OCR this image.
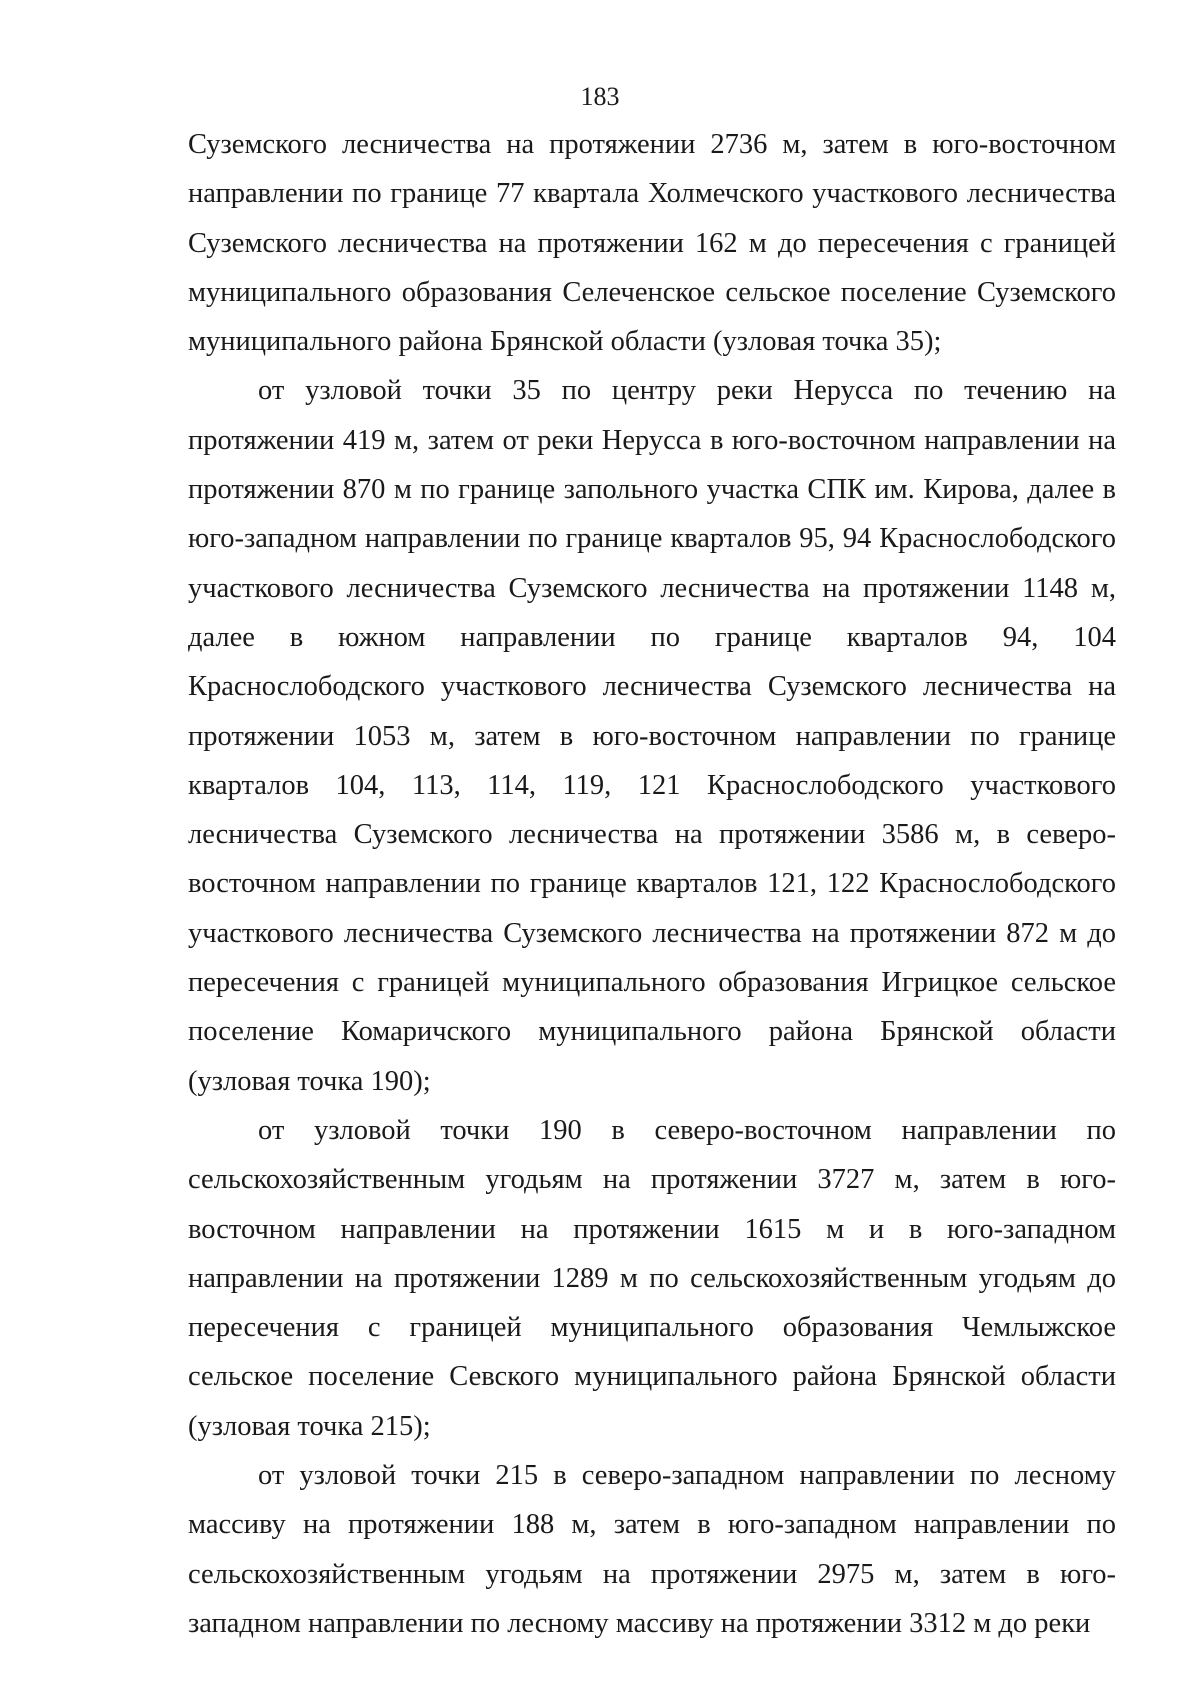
183

Суземского лесничества на протяжении 2736 м, затем в юго-восточном направлении по границе 77 квартала Холмечского участкового лесничества Суземского лесничества на протяжении 162 м до пересечения с границей муниципального образования Селеченское сельское поселение Суземского муниципального района Брянской области (узловая точка 35);

от узловой точки 35 по центру реки Нерусса по течению на протяжении 419 м, затем от реки Нерусса в юго-восточном направлении на протяжении 870 м по границе запольного участка СПК им. Кирова, далее в юго-западном направлении по границе кварталов 95, 94 Краснослободского участкового лесничества Суземского лесничества на протяжении 1148 м, далее в южном направлении по границе кварталов 94, 104 Краснослободского участкового лесничества Суземского лесничества на протяжении 1053 м, затем в юго-восточном направлении по границе кварталов 104, 113, 114, 119, 121 Краснослободского участкового лесничества Суземского лесничества на протяжении 3586 м, в северо-восточном направлении по границе кварталов 121, 122 Краснослободского участкового лесничества Суземского лесничества на протяжении 872 м до пересечения с границей муниципального образования Игрицкое сельское поселение Комаричского муниципального района Брянской области (узловая точка 190);

от узловой точки 190 в северо-восточном направлении по сельскохозяйственным угодьям на протяжении 3727 м, затем в юго-восточном направлении на протяжении 1615 м и в юго-западном направлении на протяжении 1289 м по сельскохозяйственным угодьям до пересечения с границей муниципального образования Чемлыжское сельское поселение Севского муниципального района Брянской области (узловая точка 215);

от узловой точки 215 в северо-западном направлении по лесному массиву на протяжении 188 м, затем в юго-западном направлении по сельскохозяйственным угодьям на протяжении 2975 м, затем в юго-западном направлении по лесному массиву на протяжении 3312 м до реки
